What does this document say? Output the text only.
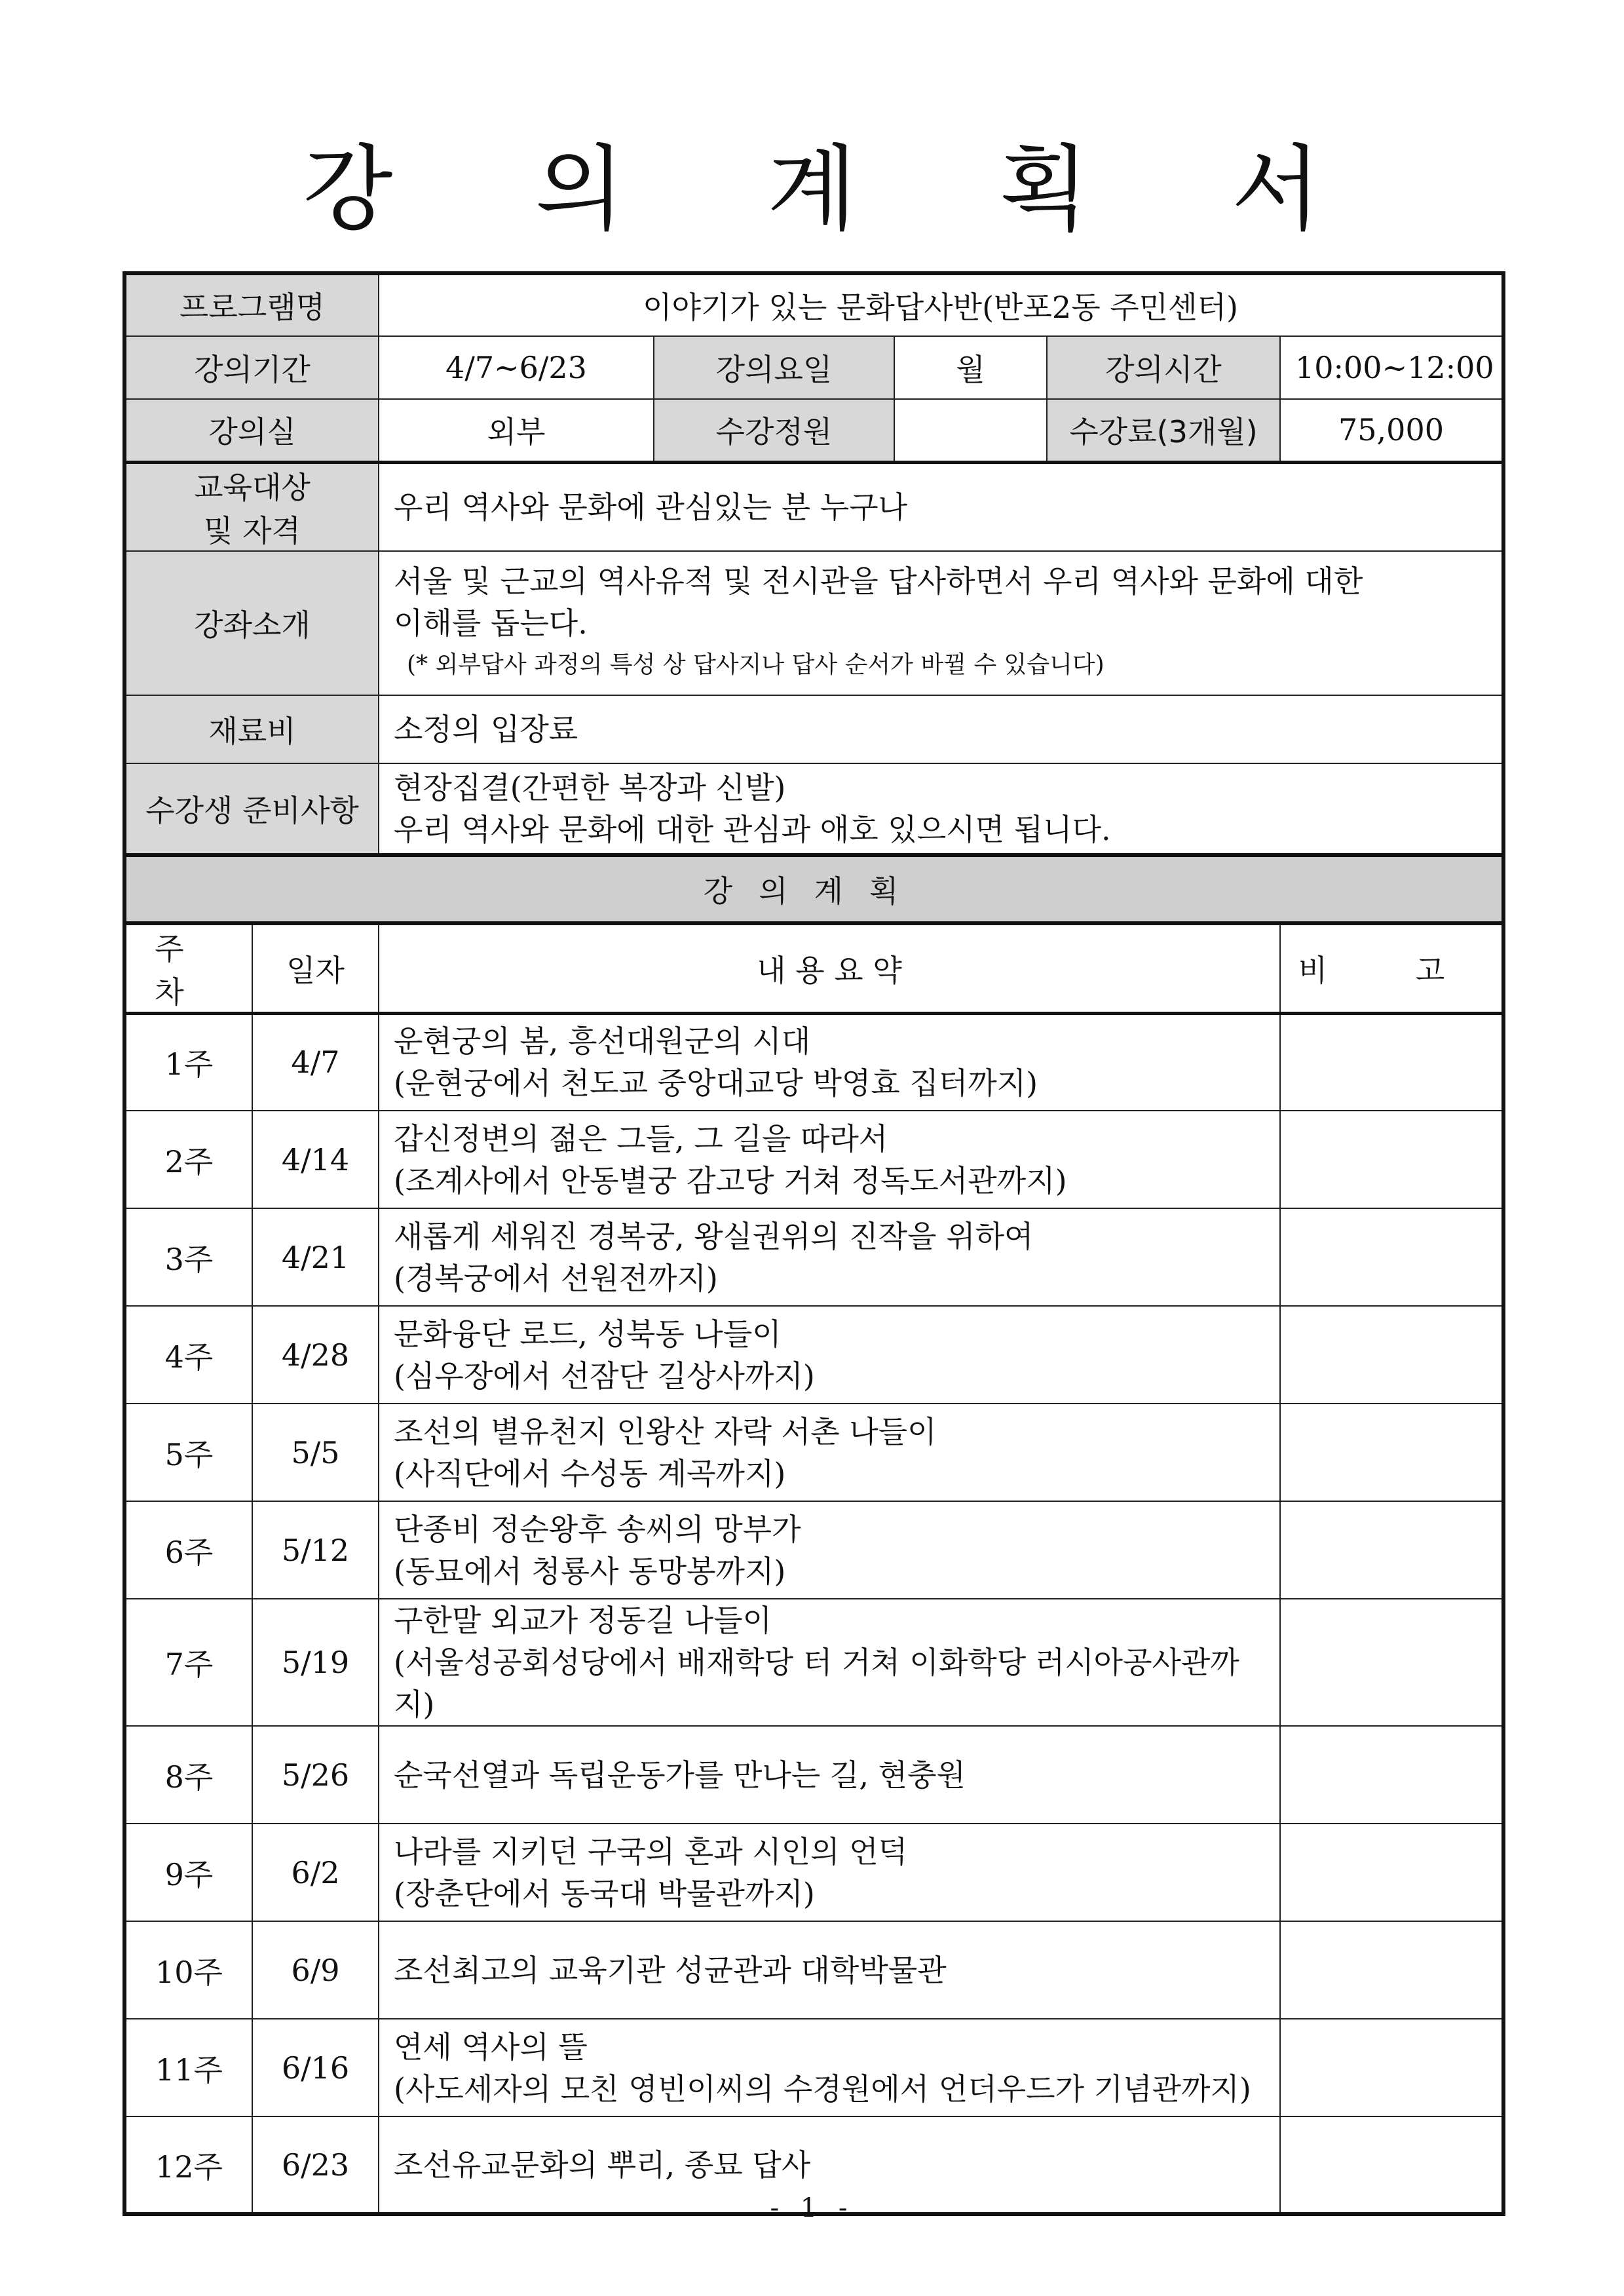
강 의 계 획 서
프로그램명		이야기가 있는 문화답사반(반포2동 주민센터)				
강의기간		4/7~6/23	강의요일	월	강의시간	10:00~12:00
강의실		외부	수강정원		수강료(3개월)	75,000

교육대상
및 자격		우리 역사와 문화에 관심있는 분 누구나				
강좌소개		서울 및 근교의 역사유적 및 전시관을 답사하면서 우리 역사와 문화에 대한
이해를 돕는다.
(* 외부답사 과정의 특성 상 답사지나 답사 순서가 바뀔 수 있습니다)				

재료비		소정의 입장료				
수강생 준비사항		현장집결(간편한 복장과 신발)
우리 역사와 문화에 대한 관심과 애호 있으시면 됩니다.				

강의계획						
주 차	일자	내 용 요 약				비 고
1주	4/7	운현궁의 봄, 흥선대원군의 시대
(운현궁에서 천도교 중앙대교당 박영효 집터까지)				

2주	4/14	갑신정변의 젊은 그들, 그 길을 따라서
(조계사에서 안동별궁 감고당 거쳐 정독도서관까지)				

3주	4/21	새롭게 세워진 경복궁, 왕실권위의 진작을 위하여
(경복궁에서 선원전까지)				

4주	4/28	문화융단 로드, 성북동 나들이
(심우장에서 선잠단 길상사까지)				

5주	5/5	조선의 별유천지 인왕산 자락 서촌 나들이
(사직단에서 수성동 계곡까지)				

6주	5/12	단종비 정순왕후 송씨의 망부가
(동묘에서 청룡사 동망봉까지)				

7주	5/19	구한말 외교가 정동길 나들이
(서울성공회성당에서 배재학당 터 거쳐 이화학당 러시아공사관까지)				

8주	5/26	순국선열과 독립운동가를 만나는 길, 현충원				

9주	6/2	나라를 지키던 구국의 혼과 시인의 언덕
(장춘단에서 동국대 박물관까지)				

10주	6/9	조선최고의 교육기관 성균관과 대학박물관				

11주	6/16	연세 역사의 뜰
(사도세자의 모친 영빈이씨의 수경원에서 언더우드가 기념관까지)				

12주	6/23	조선유교문화의 뿌리, 종묘 답사				

- 1 -
